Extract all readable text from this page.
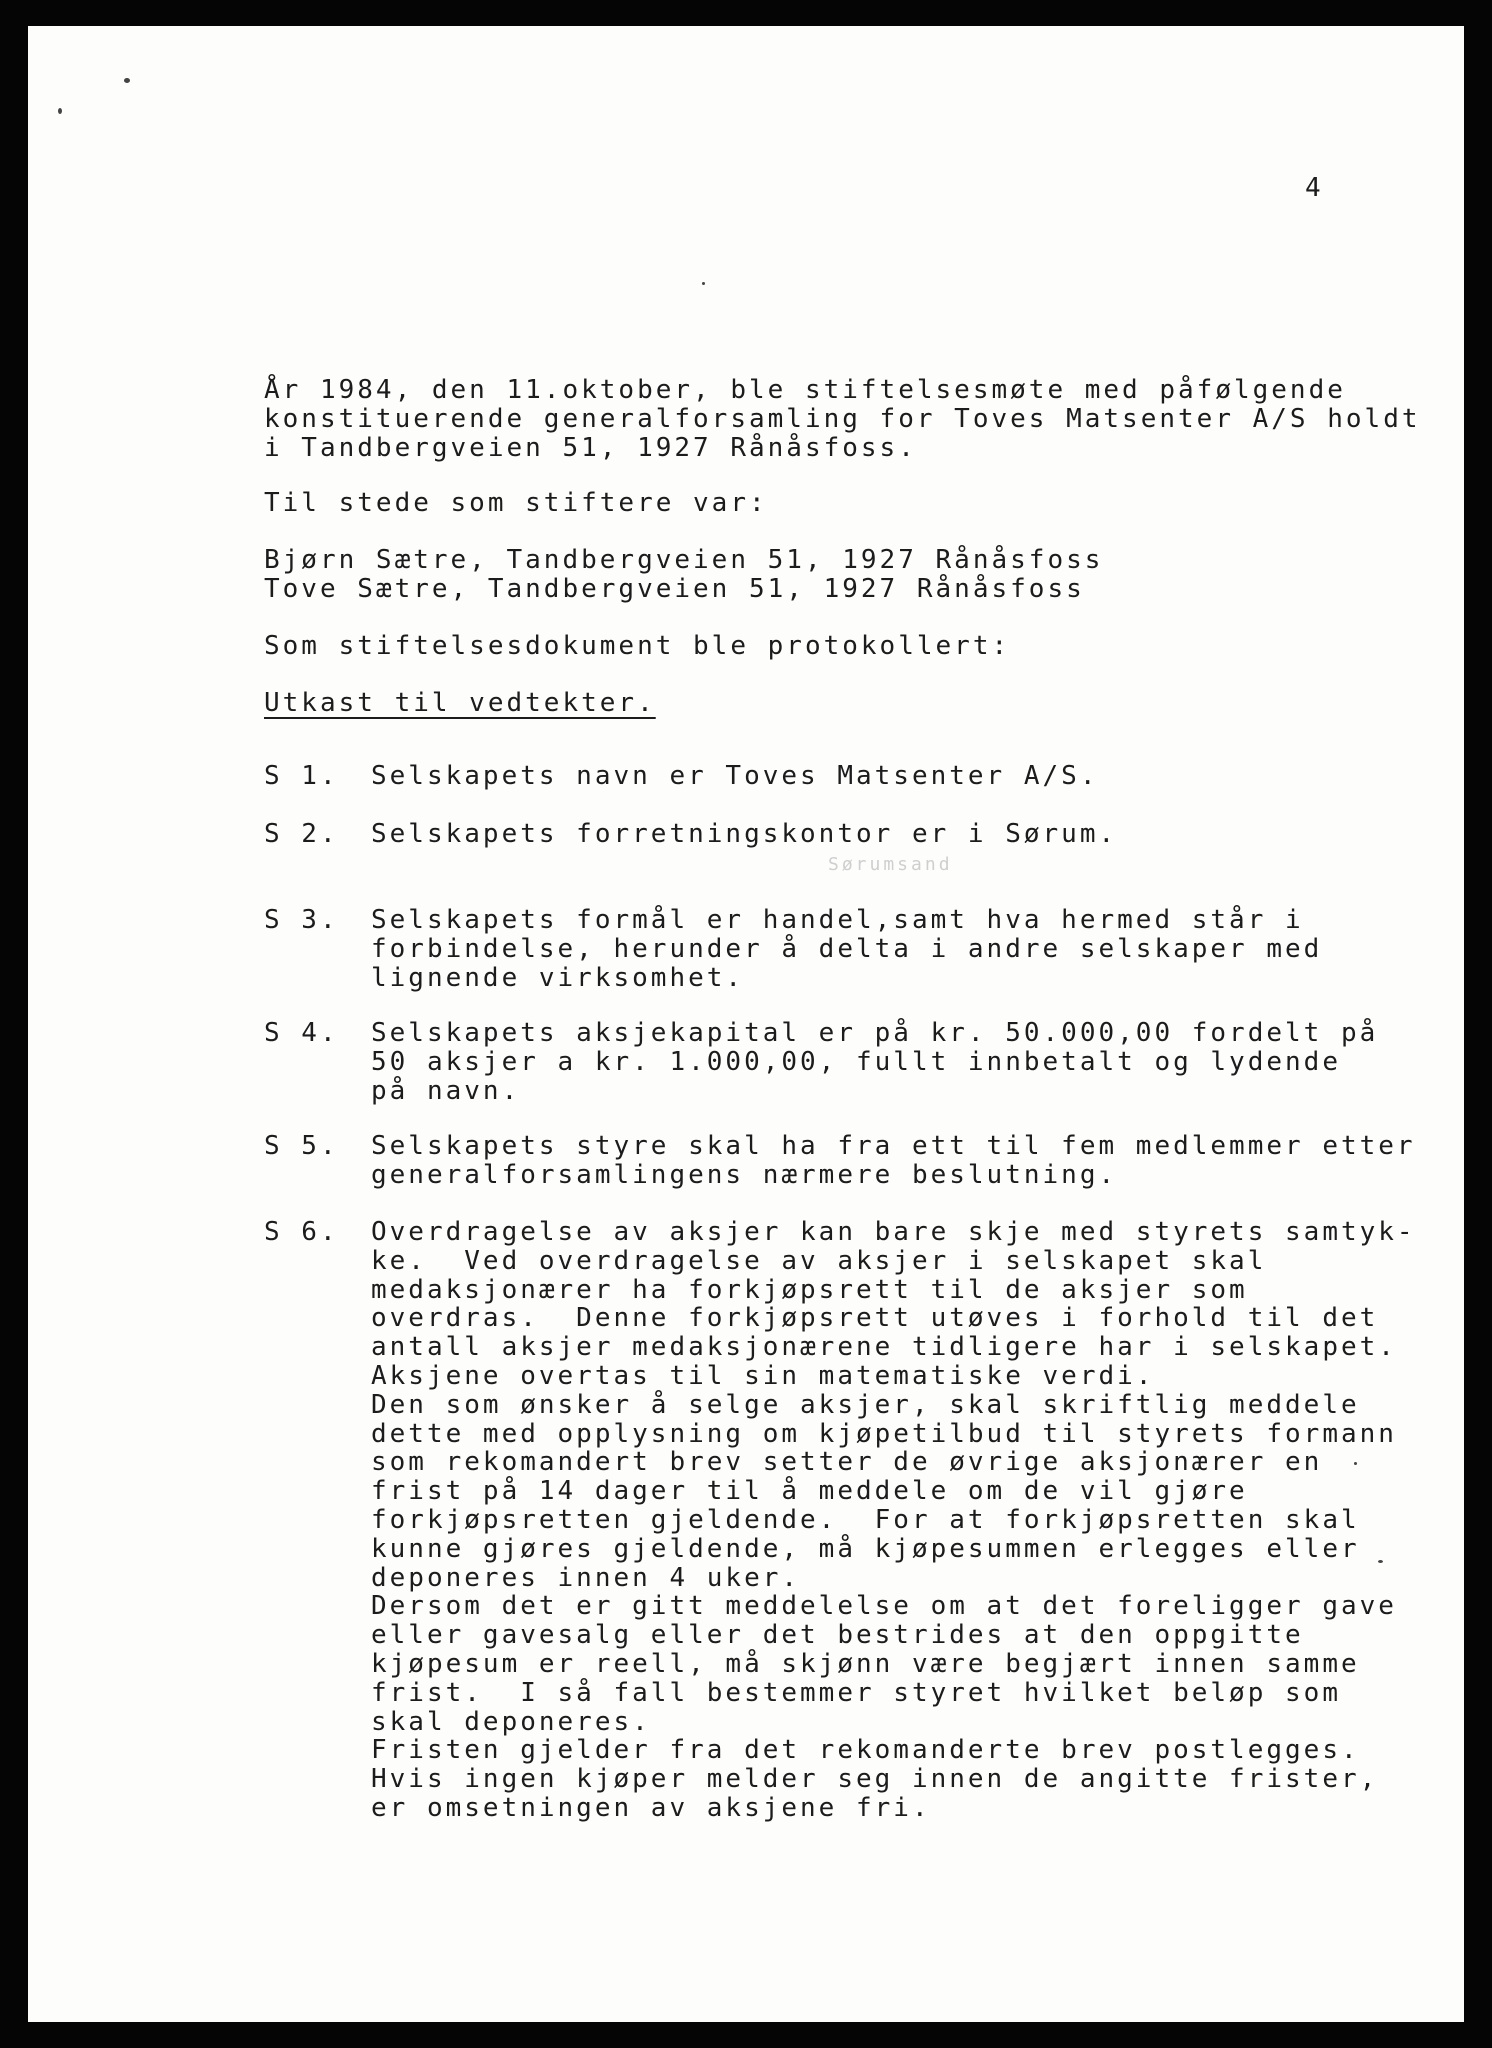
4
År 1984, den 11.oktober, ble stiftelsesmøte med påfølgende
konstituerende generalforsamling for Toves Matsenter A/S holdt
i Tandbergveien 51, 1927 Rånåsfoss.
Til stede som stiftere var:
Bjørn Sætre, Tandbergveien 51, 1927 Rånåsfoss
Tove Sætre, Tandbergveien 51, 1927 Rånåsfoss
Som stiftelsesdokument ble protokollert:
Utkast til vedtekter.
S 1. Selskapets navn er Toves Matsenter A/S.
S 2. Selskapets forretningskontor er i Sørum.
Sørumsand
S 3. Selskapets formål er handel,samt hva hermed står i
forbindelse, herunder å delta i andre selskaper med
lignende virksomhet.
S 4. Selskapets aksjekapital er på kr. 50.000,00 fordelt på
50 aksjer a kr. 1.000,00, fullt innbetalt og lydende
på navn.
S 5. Selskapets styre skal ha fra ett til fem medlemmer etter
generalforsamlingens nærmere beslutning.
S 6. Overdragelse av aksjer kan bare skje med styrets samtyk-
ke.  Ved overdragelse av aksjer i selskapet skal
medaksjonærer ha forkjøpsrett til de aksjer som
overdras.  Denne forkjøpsrett utøves i forhold til det
antall aksjer medaksjonærene tidligere har i selskapet.
Aksjene overtas til sin matematiske verdi.
Den som ønsker å selge aksjer, skal skriftlig meddele
dette med opplysning om kjøpetilbud til styrets formann
som rekomandert brev setter de øvrige aksjonærer en
frist på 14 dager til å meddele om de vil gjøre
forkjøpsretten gjeldende.  For at forkjøpsretten skal
kunne gjøres gjeldende, må kjøpesummen erlegges eller
deponeres innen 4 uker.
Dersom det er gitt meddelelse om at det foreligger gave
eller gavesalg eller det bestrides at den oppgitte
kjøpesum er reell, må skjønn være begjært innen samme
frist.  I så fall bestemmer styret hvilket beløp som
skal deponeres.
Fristen gjelder fra det rekomanderte brev postlegges.
Hvis ingen kjøper melder seg innen de angitte frister,
er omsetningen av aksjene fri.
